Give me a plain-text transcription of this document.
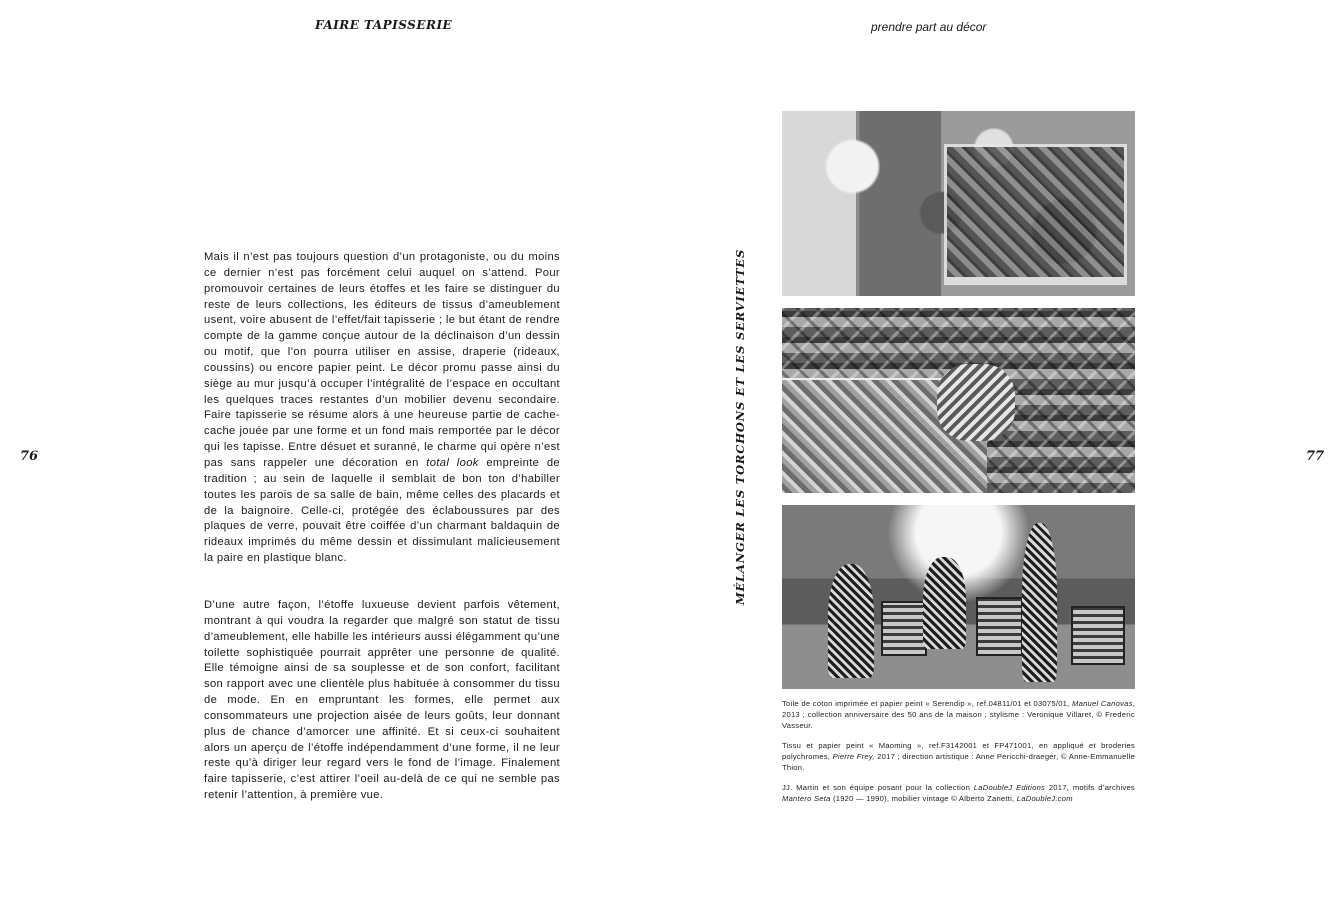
FAIRE TAPISSERIE

Mais il n’est pas toujours question d’un protagoniste, ou du moins ce dernier n’est pas forcément celui auquel on s’attend. Pour promouvoir certaines de leurs étoffes et les faire se distinguer du reste de leurs collections, les éditeurs de tissus d’ameublement usent, voire abusent de l’effet/fait tapisserie ; le but étant de rendre compte de la gamme conçue autour de la déclinaison d’un dessin ou motif, que l’on pourra utiliser en assise, draperie (rideaux, coussins) ou encore papier peint. Le décor promu passe ainsi du siège au mur jusqu’à occuper l’intégralité de l’espace en occultant les quelques traces restantes d’un mobilier devenu secondaire. Faire tapisserie se résume alors à une heureuse partie de cache-cache jouée par une forme et un fond mais remportée par le décor qui les tapisse. Entre désuet et suranné, le charme qui opère n’est pas sans rappeler une décoration en total look empreinte de tradition ; au sein de laquelle il semblait de bon ton d’habiller toutes les parois de sa salle de bain, même celles des placards et de la baignoire. Celle-ci, protégée des éclaboussures par des plaques de verre, pouvait être coiffée d’un charmant baldaquin de rideaux imprimés du même dessin et dissimulant malicieusement la paire en plastique blanc.

D’une autre façon, l’étoffe luxueuse devient parfois vêtement, montrant à qui voudra la regarder que malgré son statut de tissu d’ameublement, elle habille les intérieurs aussi élégamment qu’une toilette sophistiquée pourrait apprêter une personne de qualité. Elle témoigne ainsi de sa souplesse et de son confort, facilitant son rapport avec une clientèle plus habituée à consommer du tissu de mode. En en empruntant les formes, elle permet aux consommateurs une projection aisée de leurs goûts, leur donnant plus de chance d’amorcer une affinité. Et si ceux-ci souhaitent alors un aperçu de l’étoffe indépendamment d’une forme, il ne leur reste qu’à diriger leur regard vers le fond de l’image. Finalement faire tapisserie, c’est attirer l’oeil au-delà de ce qui ne semble pas retenir l’attention, à première vue.

76
prendre part au décor
MÉLANGER LES TORCHONS ET LES SERVIETTES

Toile de coton imprimée et papier peint « Serendip », ref.04811/01 et 03075/01, Manuel Canovas, 2013 ; collection anniversaire des 50 ans de la maison ; stylisme : Veronique Villaret, © Frederic Vasseur.

Tissu et papier peint « Maoming », ref.F3142001 et FP471001, en appliqué et broderies polychromes, Pierre Frey, 2017 ; direction artistique : Anne Pericchi-draeger, © Anne-Emmanuelle Thion.

JJ. Martin et son équipe posant pour la collection LaDoubleJ Editions 2017, motifs d’archives Mantero Seta (1920 — 1990), mobilier vintage © Alberto Zanetti, LaDoubleJ.com

77
